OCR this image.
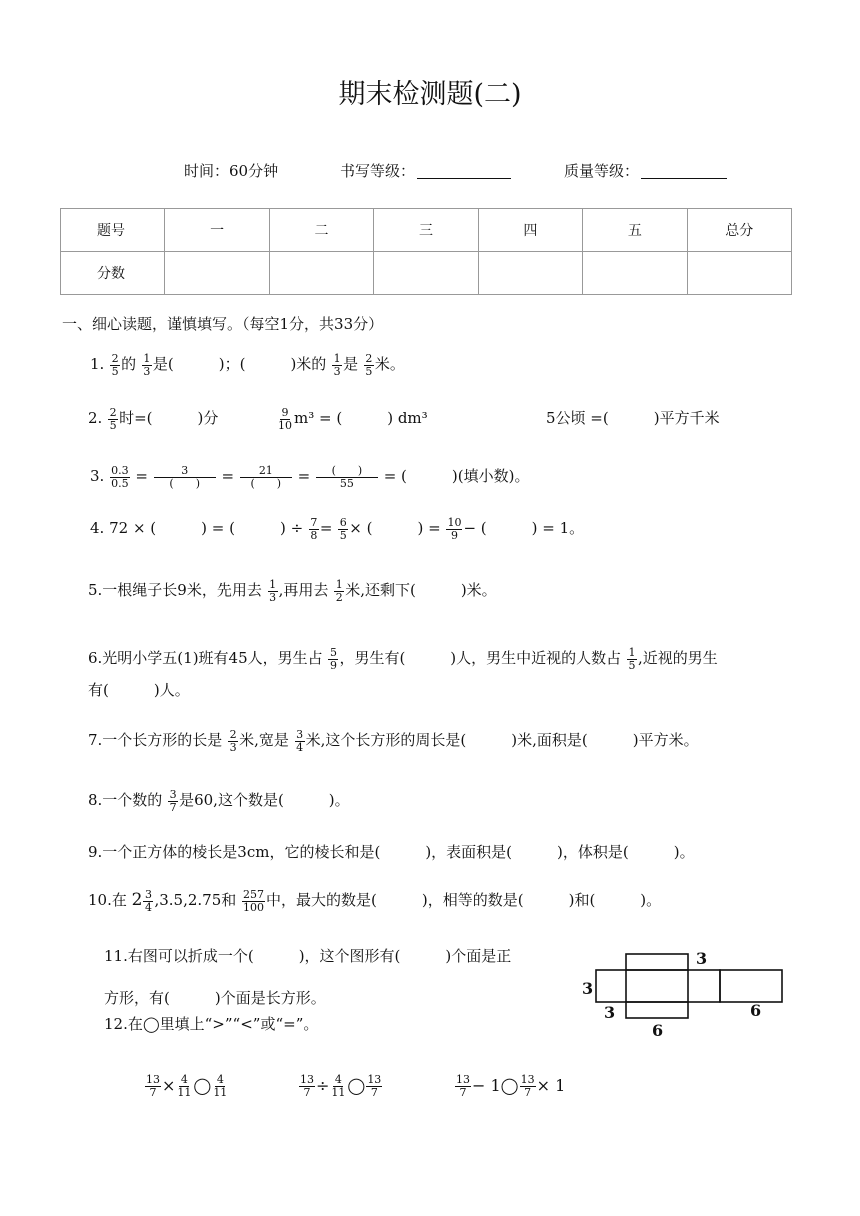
期末检测题(二)
时间：60分钟	书写等级：	质量等级：
题号	一	二	三	四	五	总分
分数						
一、细心读题，谨慎填写。（每空1分，共33分）
1. $\frac{2}{5}$ 的 $\frac{1}{3}$ 是(　　　)；(　　　)米的 $\frac{1}{3}$ 是 $\frac{2}{5}$ 米。
2. $\frac{2}{5}$ 时=(　　　)分	$\frac{9}{10} m^3$ = (　　　) dm³	5公顷 =(　　　)平方千米
3. $\frac{0.3}{0.5} = \frac{3}{( )} = \frac{21}{( )} = \frac{( )}{55}$ = (　　　)(填小数)。
4. 72 × (　　　) = (　　　) ÷ $\frac{7}{8} = \frac{6}{5}$ × (　　　) = $\frac{10}{9}$ − (　　　) = 1。
5.一根绳子长9米，先用去 $\frac{1}{3}$ ,再用去 $\frac{1}{2}$ 米,还剩下(　　　)米。
6.光明小学五(1)班有45人，男生占 $\frac{5}{9}$ ，男生有(　　　)人，男生中近视的人数占 $\frac{1}{5}$ ,近视的男生
有(　　　)人。
7.一个长方形的长是 $\frac{2}{3}$ 米,宽是 $\frac{3}{4}$ 米,这个长方形的周长是(　　　)米,面积是(　　　)平方米。
8.一个数的 $\frac{3}{7}$ 是60,这个数是(　　　)。
9.一个正方体的棱长是3cm，它的棱长和是(　　　)，表面积是(　　　)，体积是(　　　)。
10.在 $2 \frac{3}{4} ,3.5,2.75$和 $\frac{257}{100}$ 中，最大的数是(　　　)，相等的数是(　　　)和(　　　)。
11.右图可以折成一个(　　　)，这个图形有(　　　)个面是正
方形，有(　　　)个面是长方形。
3
3
3
6
6
12.在◯里填上“>”“<”或“=”。
$\frac{13}{7} \times \frac{4}{11}$ ◯ $\frac{4}{11}$	$\frac{13}{7} \div \frac{4}{11}$ ◯ $\frac{13}{7}$	$\frac{13}{7}$ − 1◯ $\frac{13}{7} \times 1$
